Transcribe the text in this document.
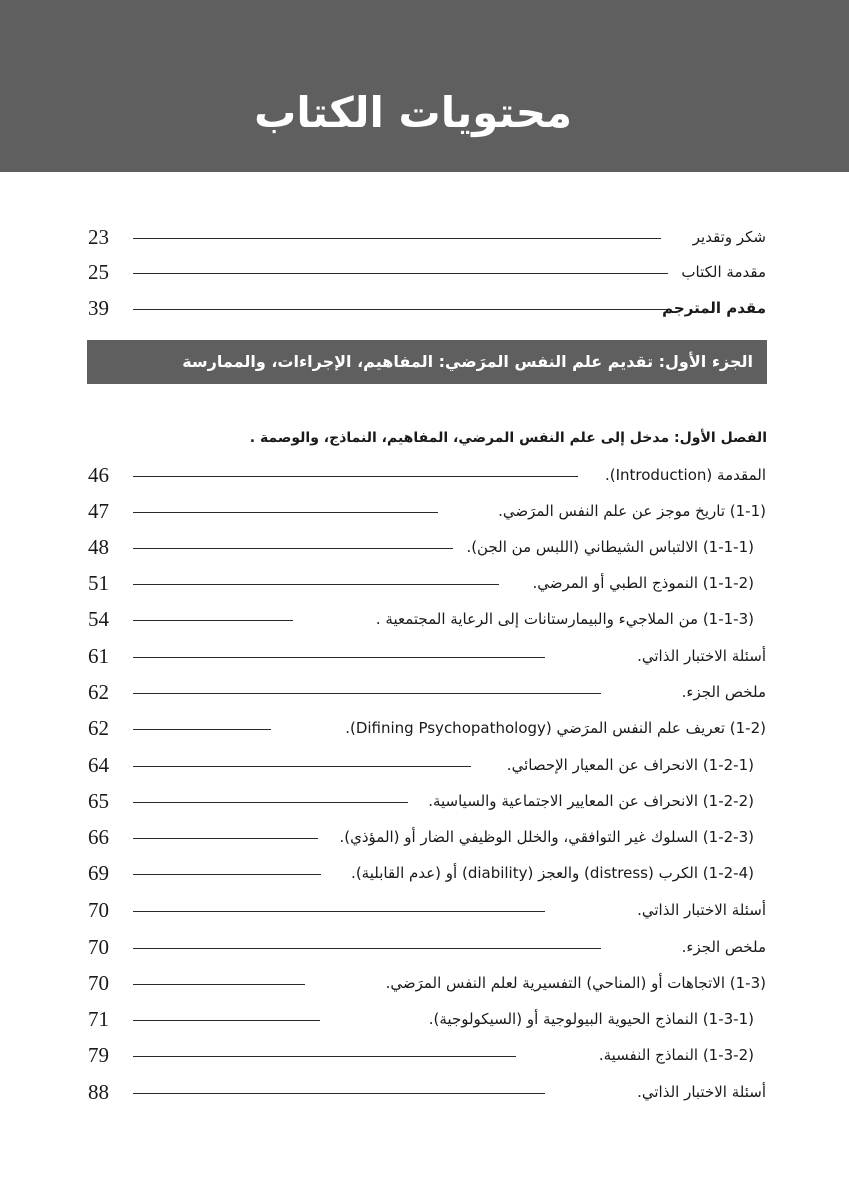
محتويات الكتاب
23	شكر وتقدير
25	مقدمة الكتاب
39	مقدم المترجم
الجزء الأول: تقديم علم النفس المرَضي: المفاهيم، الإجراءات، والممارسة
الفصل الأول: مدخل إلى علم النفس المرضي، المفاهيم، النماذج، والوصمة .
46	المقدمة (Introduction).
47	(1-1) تاريخ موجز عن علم النفس المرَضي.
48	(1-1-1) الالتباس الشيطاني (اللبس من الجن).
51	(1-1-2) النموذج الطبي أو المرضي.
54	(1-1-3) من الملاجيء والبيمارستانات إلى الرعاية المجتمعية .
61	أسئلة الاختبار الذاتي.
62	ملخص الجزء.
62	(1-2) تعريف علم النفس المرَضي (Difining Psychopathology).
64	(1-2-1) الانحراف عن المعيار الإحصائي.
65	(1-2-2) الانحراف عن المعايير الاجتماعية والسياسية.
66	(1-2-3) السلوك غير التوافقي، والخلل الوظيفي الضار أو (المؤذي).
69	(1-2-4) الكرب (distress) والعجز (diability) أو (عدم القابلية).
70	أسئلة الاختبار الذاتي.
70	ملخص الجزء.
70	(1-3) الاتجاهات أو (المناحي) التفسيرية لعلم النفس المرَضي.
71	(1-3-1) النماذج الحيوية البيولوجية أو (السيكولوجية).
79	(1-3-2) النماذج النفسية.
88	أسئلة الاختبار الذاتي.
